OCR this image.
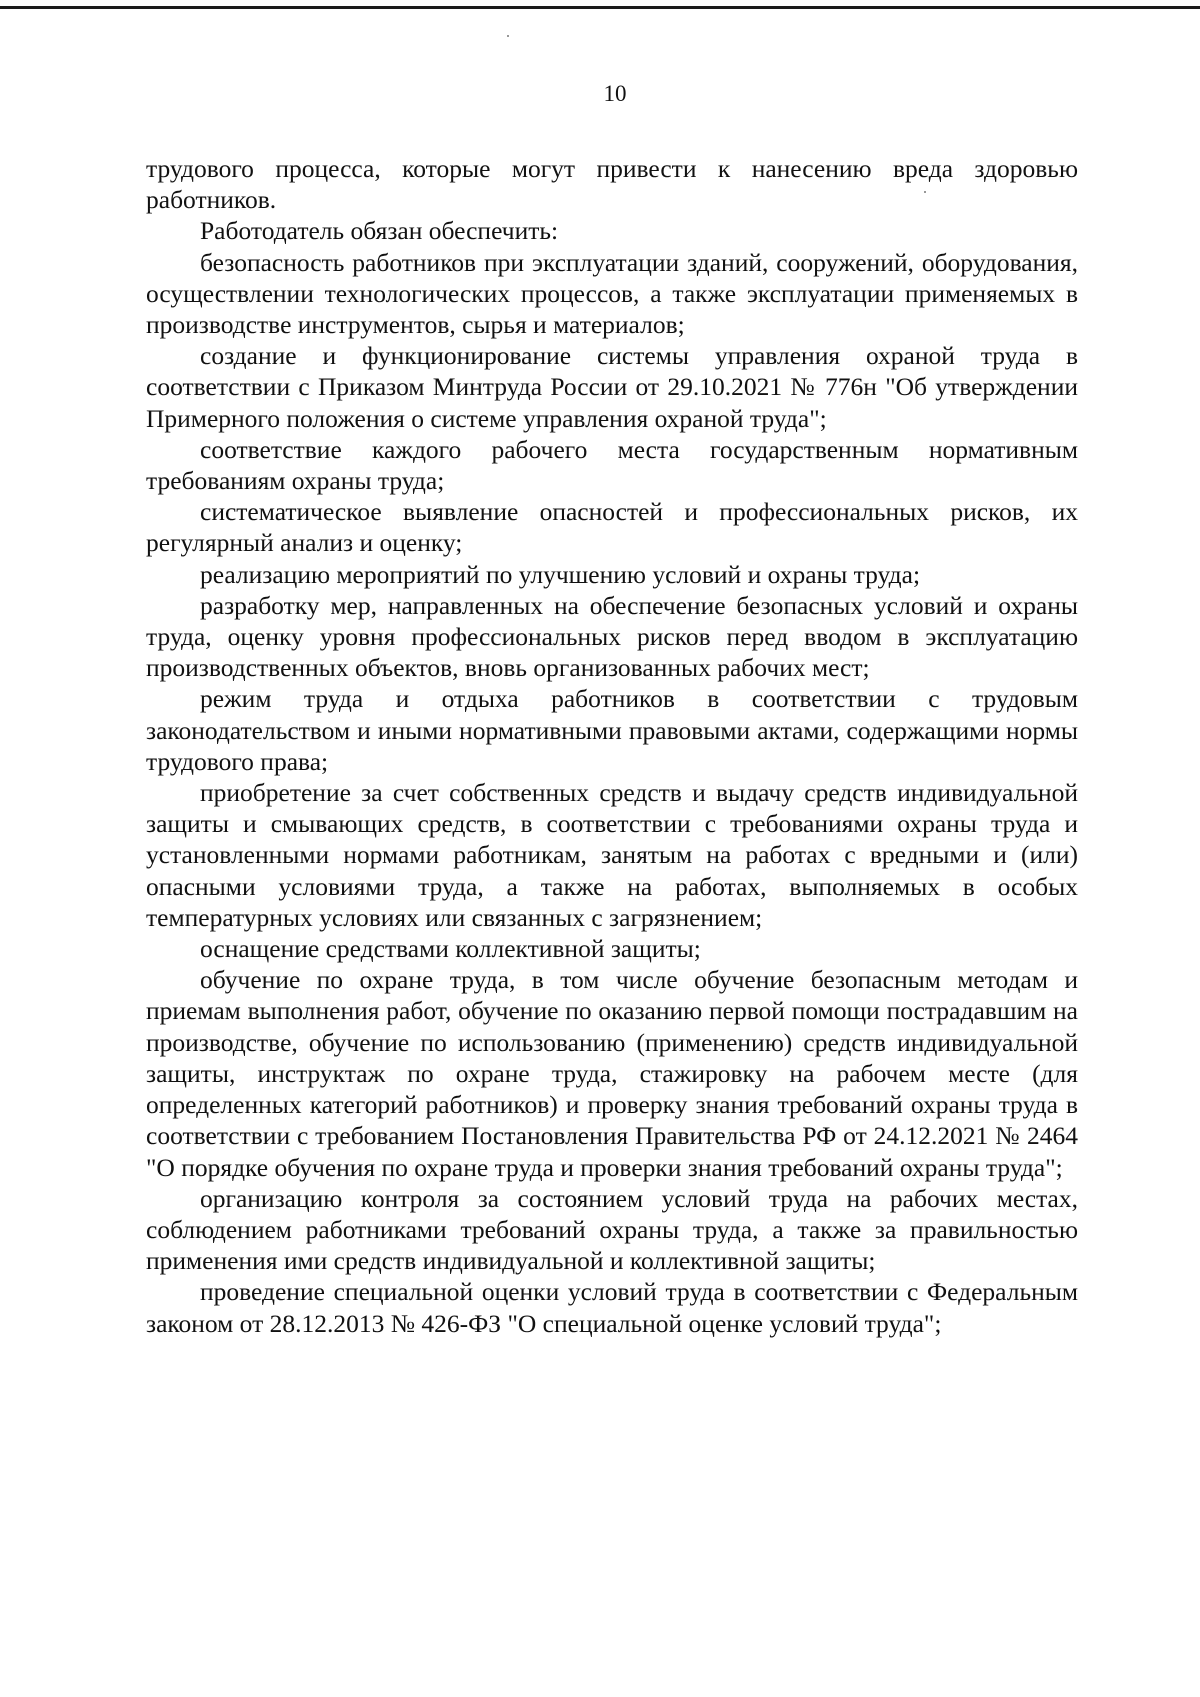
10

трудового процесса, которые могут привести к нанесению вреда здоровью работников.

Работодатель обязан обеспечить:

безопасность работников при эксплуатации зданий, сооружений, оборудования, осуществлении технологических процессов, а также эксплуатации применяемых в производстве инструментов, сырья и материалов;

создание и функционирование системы управления охраной труда в соответствии с Приказом Минтруда России от 29.10.2021 № 776н "Об утверждении Примерного положения о системе управления охраной труда";

соответствие каждого рабочего места государственным нормативным требованиям охраны труда;

систематическое выявление опасностей и профессиональных рисков, их регулярный анализ и оценку;

реализацию мероприятий по улучшению условий и охраны труда;

разработку мер, направленных на обеспечение безопасных условий и охраны труда, оценку уровня профессиональных рисков перед вводом в эксплуатацию производственных объектов, вновь организованных рабочих мест;

режим труда и отдыха работников в соответствии с трудовым законодательством и иными нормативными правовыми актами, содержащими нормы трудового права;

приобретение за счет собственных средств и выдачу средств индивидуальной защиты и смывающих средств, в соответствии с требованиями охраны труда и установленными нормами работникам, занятым на работах с вредными и (или) опасными условиями труда, а также на работах, выполняемых в особых температурных условиях или связанных с загрязнением;

оснащение средствами коллективной защиты;

обучение по охране труда, в том числе обучение безопасным методам и приемам выполнения работ, обучение по оказанию первой помощи пострадавшим на производстве, обучение по использованию (применению) средств индивидуальной защиты, инструктаж по охране труда, стажировку на рабочем месте (для определенных категорий работников) и проверку знания требований охраны труда в соответствии с требованием Постановления Правительства РФ от 24.12.2021 № 2464 "О порядке обучения по охране труда и проверки знания требований охраны труда";

организацию контроля за состоянием условий труда на рабочих местах, соблюдением работниками требований охраны труда, а также за правильностью применения ими средств индивидуальной и коллективной защиты;

проведение специальной оценки условий труда в соответствии с Федеральным законом от 28.12.2013 № 426-ФЗ "О специальной оценке условий труда";
